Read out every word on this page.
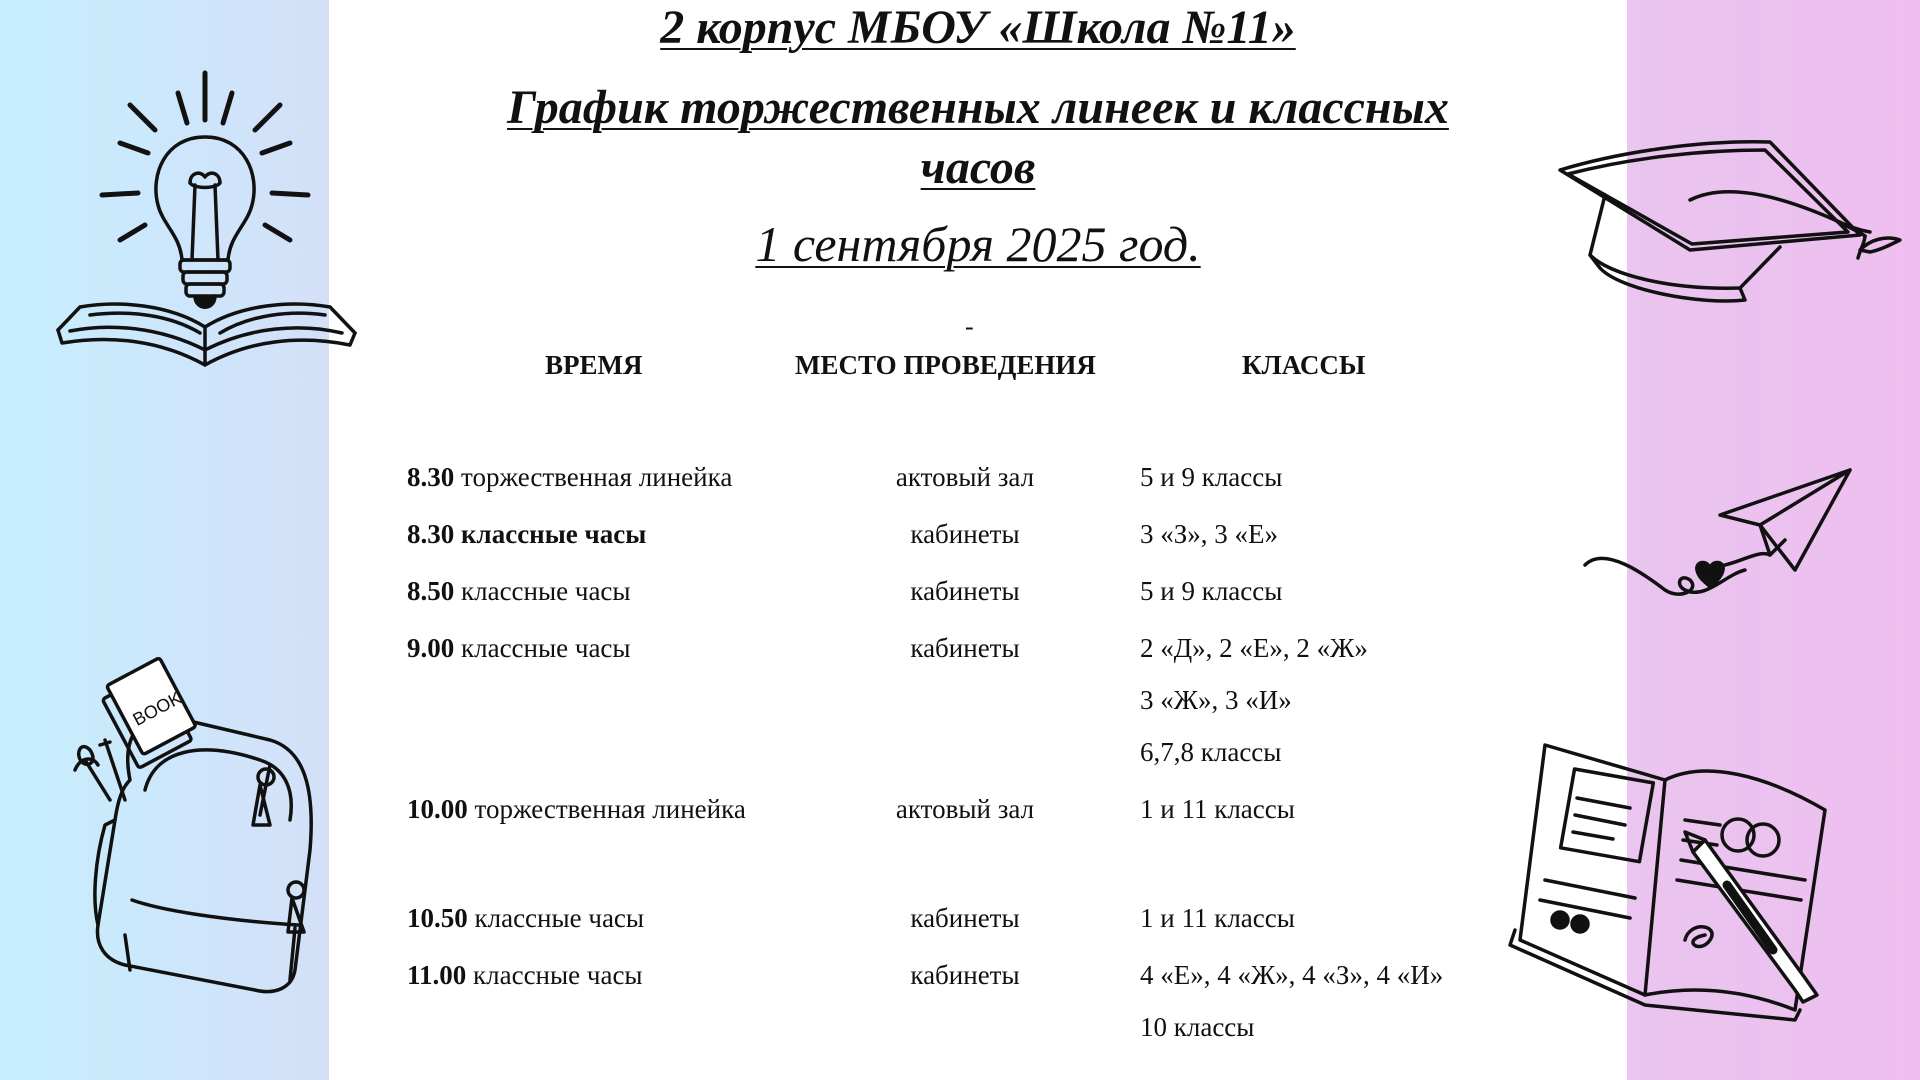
BOOK
2 корпус МБОУ «Школа №11»
График торжественных линеек и классных
часов
1 сентября 2025 год.
-
ВРЕМЯ	МЕСТО ПРОВЕДЕНИЯ	КЛАССЫ
8.30 торжественная линейка	актовый зал	5 и 9 классы
8.30 классные часы	кабинеты	3 «З», 3 «Е»
8.50 классные часы	кабинеты	5 и 9 классы
9.00 классные часы	кабинеты	2 «Д», 2 «Е», 2 «Ж»
3 «Ж», 3 «И»
6,7,8 классы
10.00 торжественная линейка	актовый зал	1 и 11 классы
10.50 классные часы	кабинеты	1 и 11 классы
11.00 классные часы	кабинеты	4 «Е», 4 «Ж», 4 «З», 4 «И»
10 классы
